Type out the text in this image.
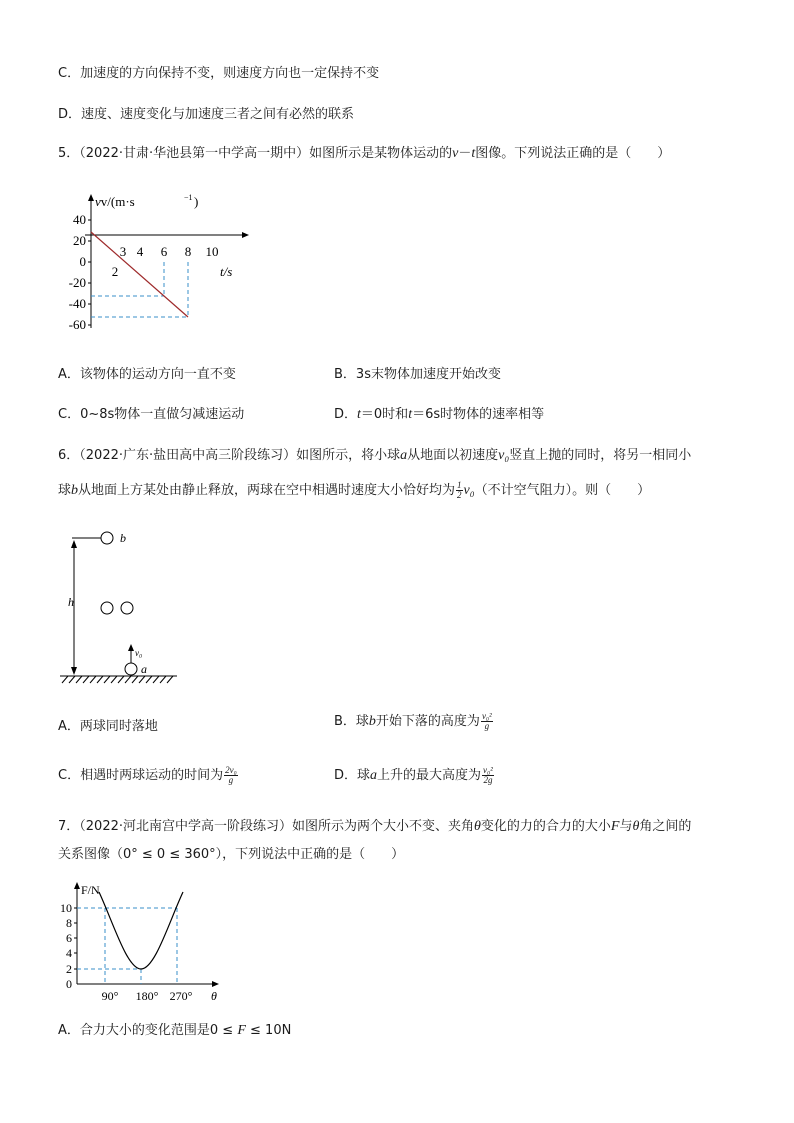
C．加速度的方向保持不变，则速度方向也一定保持不变
D．速度、速度变化与加速度三者之间有必然的联系
5．（2022·甘肃·华池县第一中学高一期中）如图所示是某物体运动的v－t图像。下列说法正确的是（　　）
vv/(m·s	−1 )
40
20
0
-20
-40
-60
3 4 6 8 10
2	t/s
A．该物体的运动方向一直不变	B．3s末物体加速度开始改变
C．0~8s物体一直做匀减速运动	D．t＝0时和t＝6s时物体的速率相等
6．（2022·广东·盐田高中高三阶段练习）如图所示，将小球a从地面以初速度v₀竖直上抛的同时，将另一相同小
球b从地面上方某处由静止释放，两球在空中相遇时速度大小恰好均为 $\frac{1}{2} v_0$（不计空气阻力）。则（　　）
b
h
v₀
a
A．两球同时落地	B．球b开始下落的高度为 $\frac{\text{v₀²}}{g}$
C．相遇时两球运动的时间为 $\frac{\text{2v₀}}{g}$	D．球a上升的最大高度为 $\frac{\text{v₀²}}{2g}$
7．（2022·河北南宫中学高一阶段练习）如图所示为两个大小不变、夹角θ变化的力的合力的大小F与θ角之间的
关系图像（0° ≤ 0 ≤ 360°），下列说法中正确的是（　　）
F/N
10
8
6
4
2
0
90° 180° 270° θ
A．合力大小的变化范围是0 ≤ F ≤ 10N
